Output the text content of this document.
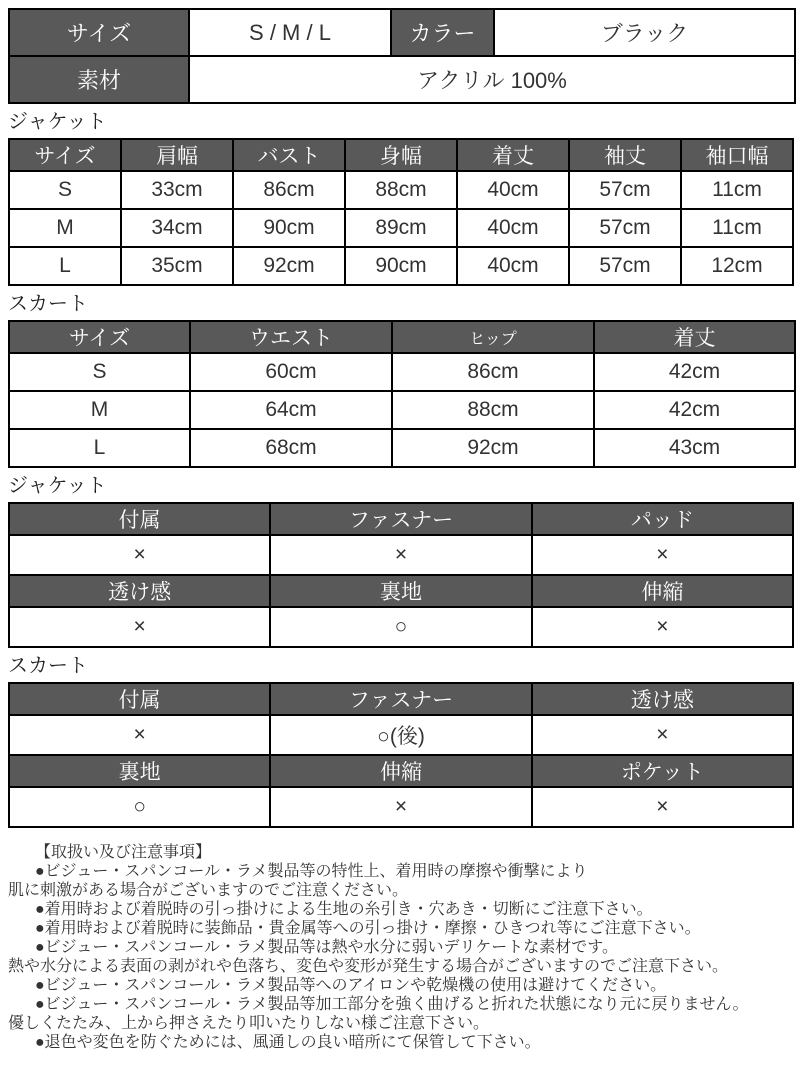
サイズ	S / M / L	カラー	ブラック
素材	アクリル 100%		
ジャケット
サイズ	肩幅	バスト	身幅	着丈	袖丈	袖口幅
S	33cm	86cm	88cm	40cm	57cm	11cm
M	34cm	90cm	89cm	40cm	57cm	11cm
L	35cm	92cm	90cm	40cm	57cm	12cm
スカート
サイズ	ウエスト	ヒップ	着丈
S	60cm	86cm	42cm
M	64cm	88cm	42cm
L	68cm	92cm	43cm
ジャケット
付属	ファスナー	パッド
×	×	×
透け感	裏地	伸縮
×	○	×
スカート
付属	ファスナー	透け感
×	○(後)	×
裏地	伸縮	ポケット
○	×	×
【取扱い及び注意事項】
●ビジュー・スパンコール・ラメ製品等の特性上、着用時の摩擦や衝撃により
肌に刺激がある場合がございますのでご注意ください。
●着用時および着脱時の引っ掛けによる生地の糸引き・穴あき・切断にご注意下さい。
●着用時および着脱時に装飾品・貴金属等への引っ掛け・摩擦・ひきつれ等にご注意下さい。
●ビジュー・スパンコール・ラメ製品等は熱や水分に弱いデリケートな素材です。
熱や水分による表面の剥がれや色落ち、変色や変形が発生する場合がございますのでご注意下さい。
●ビジュー・スパンコール・ラメ製品等へのアイロンや乾燥機の使用は避けてください。
●ビジュー・スパンコール・ラメ製品等加工部分を強く曲げると折れた状態になり元に戻りません。
優しくたたみ、上から押さえたり叩いたりしない様ご注意下さい。
●退色や変色を防ぐためには、風通しの良い暗所にて保管して下さい。
